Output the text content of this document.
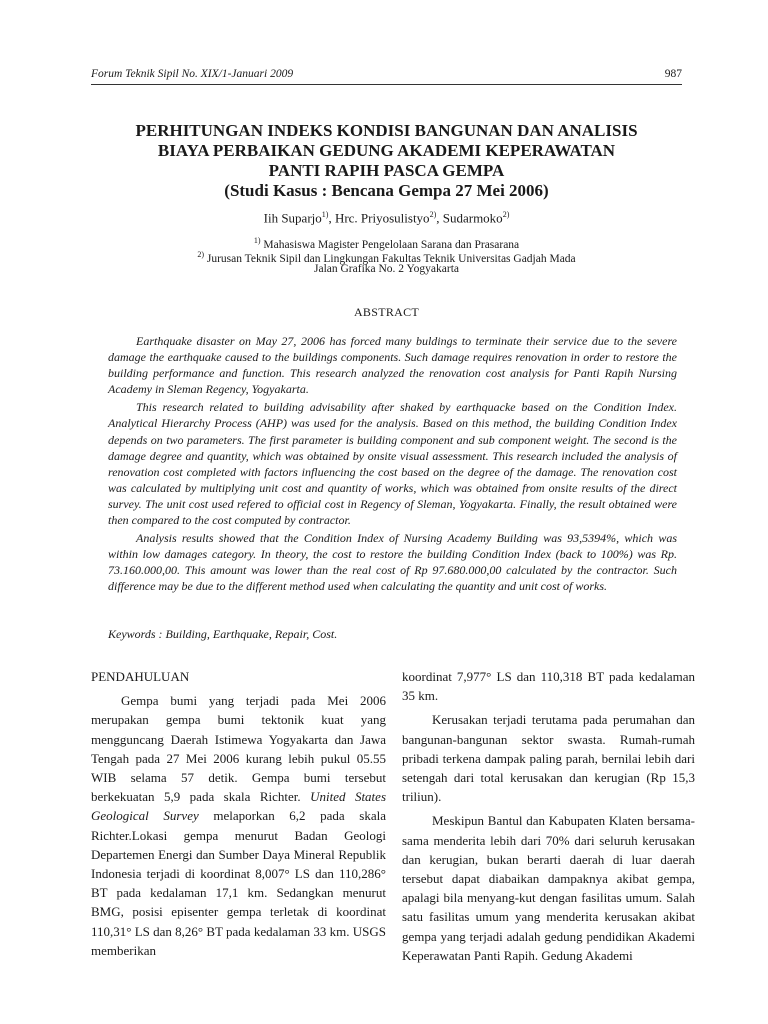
Forum Teknik Sipil No. XIX/1-Januari 2009	987

PERHITUNGAN INDEKS KONDISI BANGUNAN DAN ANALISIS

BIAYA PERBAIKAN GEDUNG AKADEMI KEPERAWATAN

PANTI RAPIH PASCA GEMPA

(Studi Kasus : Bencana Gempa 27 Mei 2006)

Iih Suparjo$^{1)}$, Hrc. Priyosulistyo$^{2)}$, Sudarmoko$^{2)}$
$^{1)}$ Mahasiswa Magister Pengelolaan Sarana dan Prasarana
$^{2)}$ Jurusan Teknik Sipil dan Lingkungan Fakultas Teknik Universitas Gadjah Mada
Jalan Grafika No. 2 Yogyakarta
ABSTRACT

Earthquake disaster on May 27, 2006 has forced many buldings to terminate their service due to the severe damage the earthquake caused to the buildings components. Such damage requires renovation in order to restore the building performance and function. This research analyzed the renovation cost analysis for Panti Rapih Nursing Academy in Sleman Regency, Yogyakarta.

This research related to building advisability after shaked by earthquacke based on the Condition Index. Analytical Hierarchy Process (AHP) was used for the analysis. Based on this method, the building Condition Index depends on two parameters. The first parameter is building component and sub component weight. The second is the damage degree and quantity, which was obtained by onsite visual assessment. This research included the analysis of renovation cost completed with factors influencing the cost based on the degree of the damage. The renovation cost was calculated by multiplying unit cost and quantity of works, which was obtained from onsite results of the direct survey. The unit cost used refered to official cost in Regency of Sleman, Yogyakarta. Finally, the result obtained were then compared to the cost computed by contractor.

Analysis results showed that the Condition Index of Nursing Academy Building was 93,5394%, which was within low damages category. In theory, the cost to restore the building Condition Index (back to 100%) was Rp. 73.160.000,00. This amount was lower than the real cost of Rp 97.680.000,00 calculated by the contractor. Such difference may be due to the different method used when calculating the quantity and unit cost of works.

Keywords : Building, Earthquake, Repair, Cost.

PENDAHULUAN

Gempa bumi yang terjadi pada Mei 2006 merupakan gempa bumi tektonik kuat yang mengguncang Daerah Istimewa Yogyakarta dan Jawa Tengah pada 27 Mei 2006 kurang lebih pukul 05.55 WIB selama 57 detik. Gempa bumi tersebut berkekuatan 5,9 pada skala Richter. United States Geological Survey melaporkan 6,2 pada skala Richter.Lokasi gempa menurut Badan Geologi Departemen Energi dan Sumber Daya Mineral Republik Indonesia terjadi di koordinat 8,007° LS dan 110,286° BT pada kedalaman 17,1 km. Sedangkan menurut BMG, posisi episenter gempa terletak di koordinat 110,31° LS dan 8,26° BT pada kedalaman 33 km. USGS memberikan

koordinat 7,977° LS dan 110,318 BT pada kedalaman 35 km.

Kerusakan terjadi terutama pada perumahan dan bangunan-bangunan sektor swasta. Rumah-rumah pribadi terkena dampak paling parah, bernilai lebih dari setengah dari total kerusakan dan kerugian (Rp 15,3 triliun).

Meskipun Bantul dan Kabupaten Klaten bersama-sama menderita lebih dari 70% dari seluruh kerusakan dan kerugian, bukan berarti daerah di luar daerah tersebut dapat diabaikan dampaknya akibat gempa, apalagi bila menyang-kut dengan fasilitas umum. Salah satu fasilitas umum yang menderita kerusakan akibat gempa yang terjadi adalah gedung pendidikan Akademi Keperawatan Panti Rapih. Gedung Akademi
